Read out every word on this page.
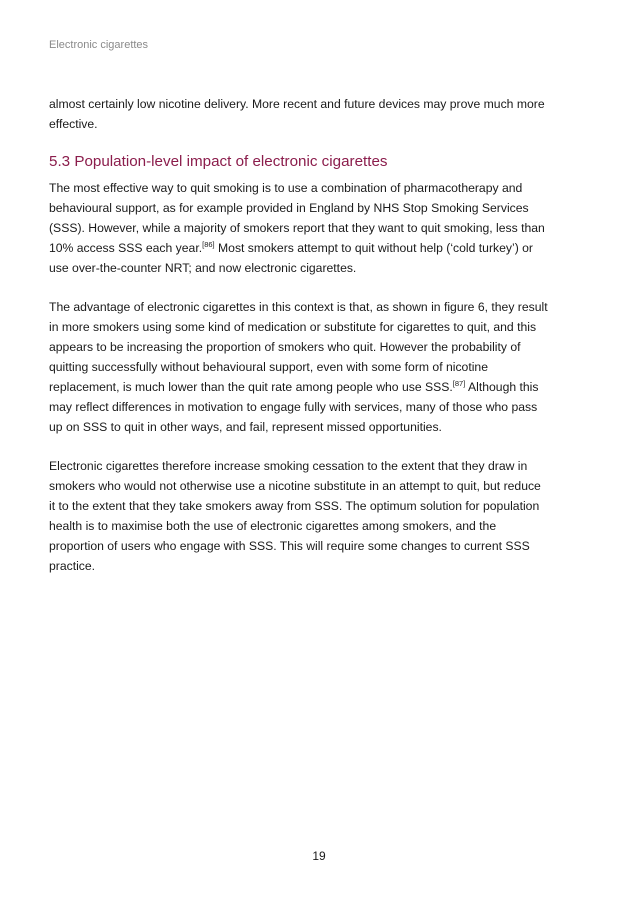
Electronic cigarettes

almost certainly low nicotine delivery. More recent and future devices may prove much more effective.

5.3 Population-level impact of electronic cigarettes

The most effective way to quit smoking is to use a combination of pharmacotherapy and behavioural support, as for example provided in England by NHS Stop Smoking Services (SSS). However, while a majority of smokers report that they want to quit smoking, less than 10% access SSS each year.[86] Most smokers attempt to quit without help (‘cold turkey’) or use over-the-counter NRT; and now electronic cigarettes.

The advantage of electronic cigarettes in this context is that, as shown in figure 6, they result in more smokers using some kind of medication or substitute for cigarettes to quit, and this appears to be increasing the proportion of smokers who quit. However the probability of quitting successfully without behavioural support, even with some form of nicotine replacement, is much lower than the quit rate among people who use SSS.[87] Although this may reflect differences in motivation to engage fully with services, many of those who pass up on SSS to quit in other ways, and fail, represent missed opportunities.

Electronic cigarettes therefore increase smoking cessation to the extent that they draw in smokers who would not otherwise use a nicotine substitute in an attempt to quit, but reduce it to the extent that they take smokers away from SSS. The optimum solution for population health is to maximise both the use of electronic cigarettes among smokers, and the proportion of users who engage with SSS. This will require some changes to current SSS practice.

19
